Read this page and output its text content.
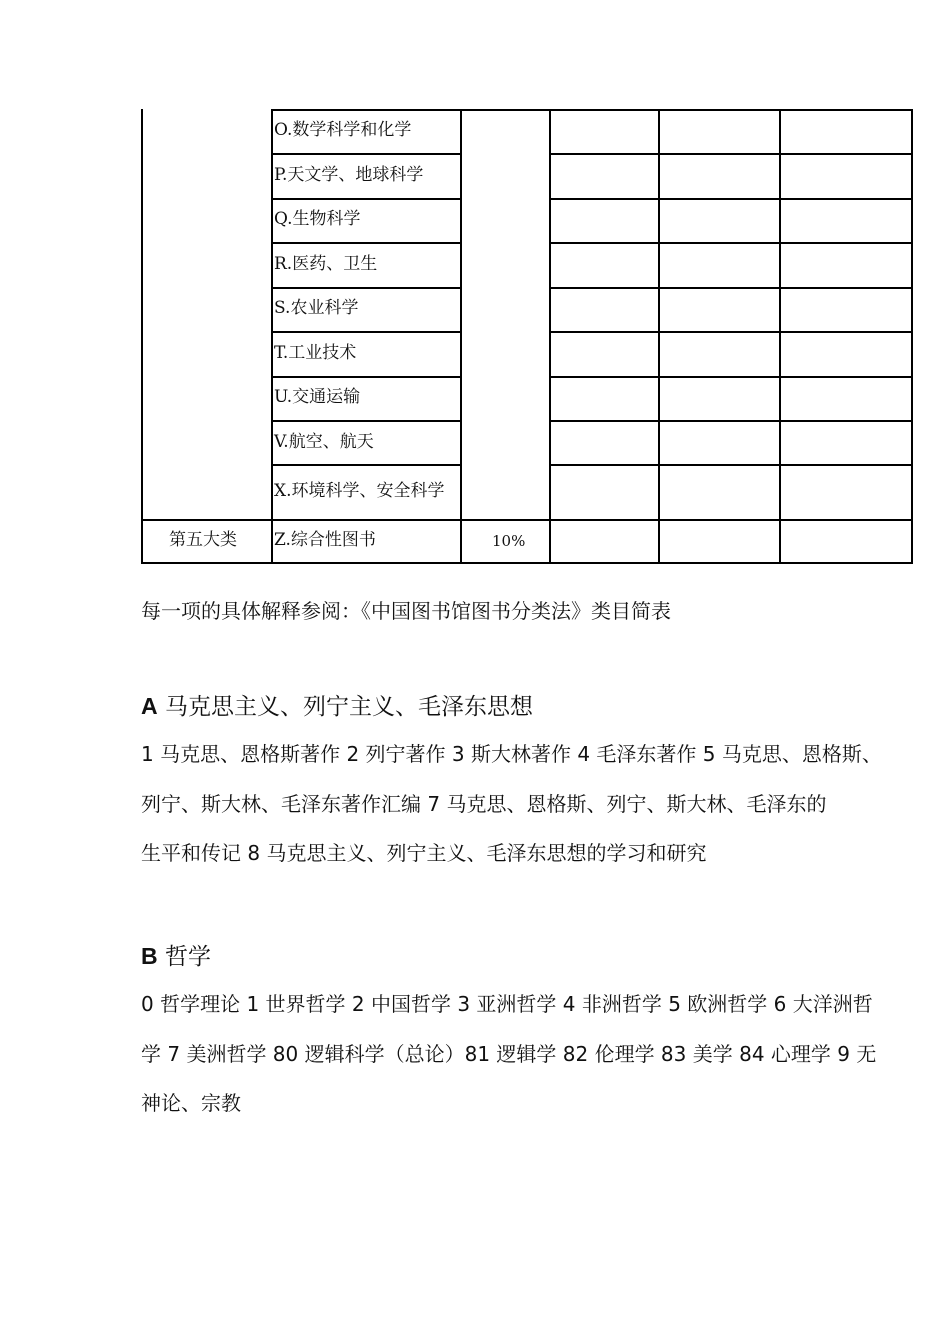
O.数学科学和化学
P.天文学、地球科学
Q.生物科学
R.医药、卫生
S.农业科学
T.工业技术
U.交通运输
V.航空、航天
X.环境科学、安全科学
第五大类 Z.综合性图书	10%
每一项的具体解释参阅：《中国图书馆图书分类法》类目简表
A 马克思主义、列宁主义、毛泽东思想
1 马克思、恩格斯著作 2 列宁著作 3 斯大林著作 4 毛泽东著作 5 马克思、恩格斯、
列宁、斯大林、毛泽东著作汇编 7 马克思、恩格斯、列宁、斯大林、毛泽东的
生平和传记 8 马克思主义、列宁主义、毛泽东思想的学习和研究
B 哲学
0 哲学理论 1 世界哲学 2 中国哲学 3 亚洲哲学 4 非洲哲学 5 欧洲哲学 6 大洋洲哲
学 7 美洲哲学 80 逻辑科学（总论）81 逻辑学 82 伦理学 83 美学 84 心理学 9 无
神论、宗教
